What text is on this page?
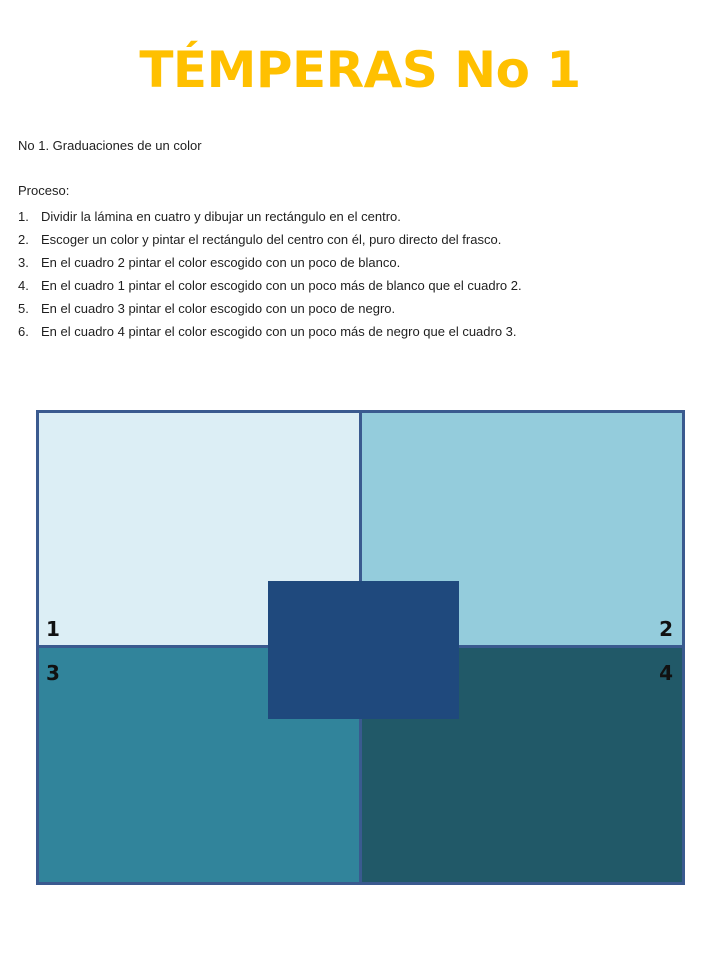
TÉMPERAS No 1

No 1. Graduaciones de un color

Proceso:

1. Dividir la lámina en cuatro y dibujar un rectángulo en el centro.
2. Escoger un color y pintar el rectángulo del centro con él, puro directo del frasco.
3. En el cuadro 2 pintar el color escogido con un poco de blanco.
4. En el cuadro 1 pintar el color escogido con un poco más de blanco que el cuadro 2.
5. En el cuadro 3 pintar el color escogido con un poco de negro.
6. En el cuadro 4 pintar el color escogido con un poco más de negro que el cuadro 3.
1	2
3	4
